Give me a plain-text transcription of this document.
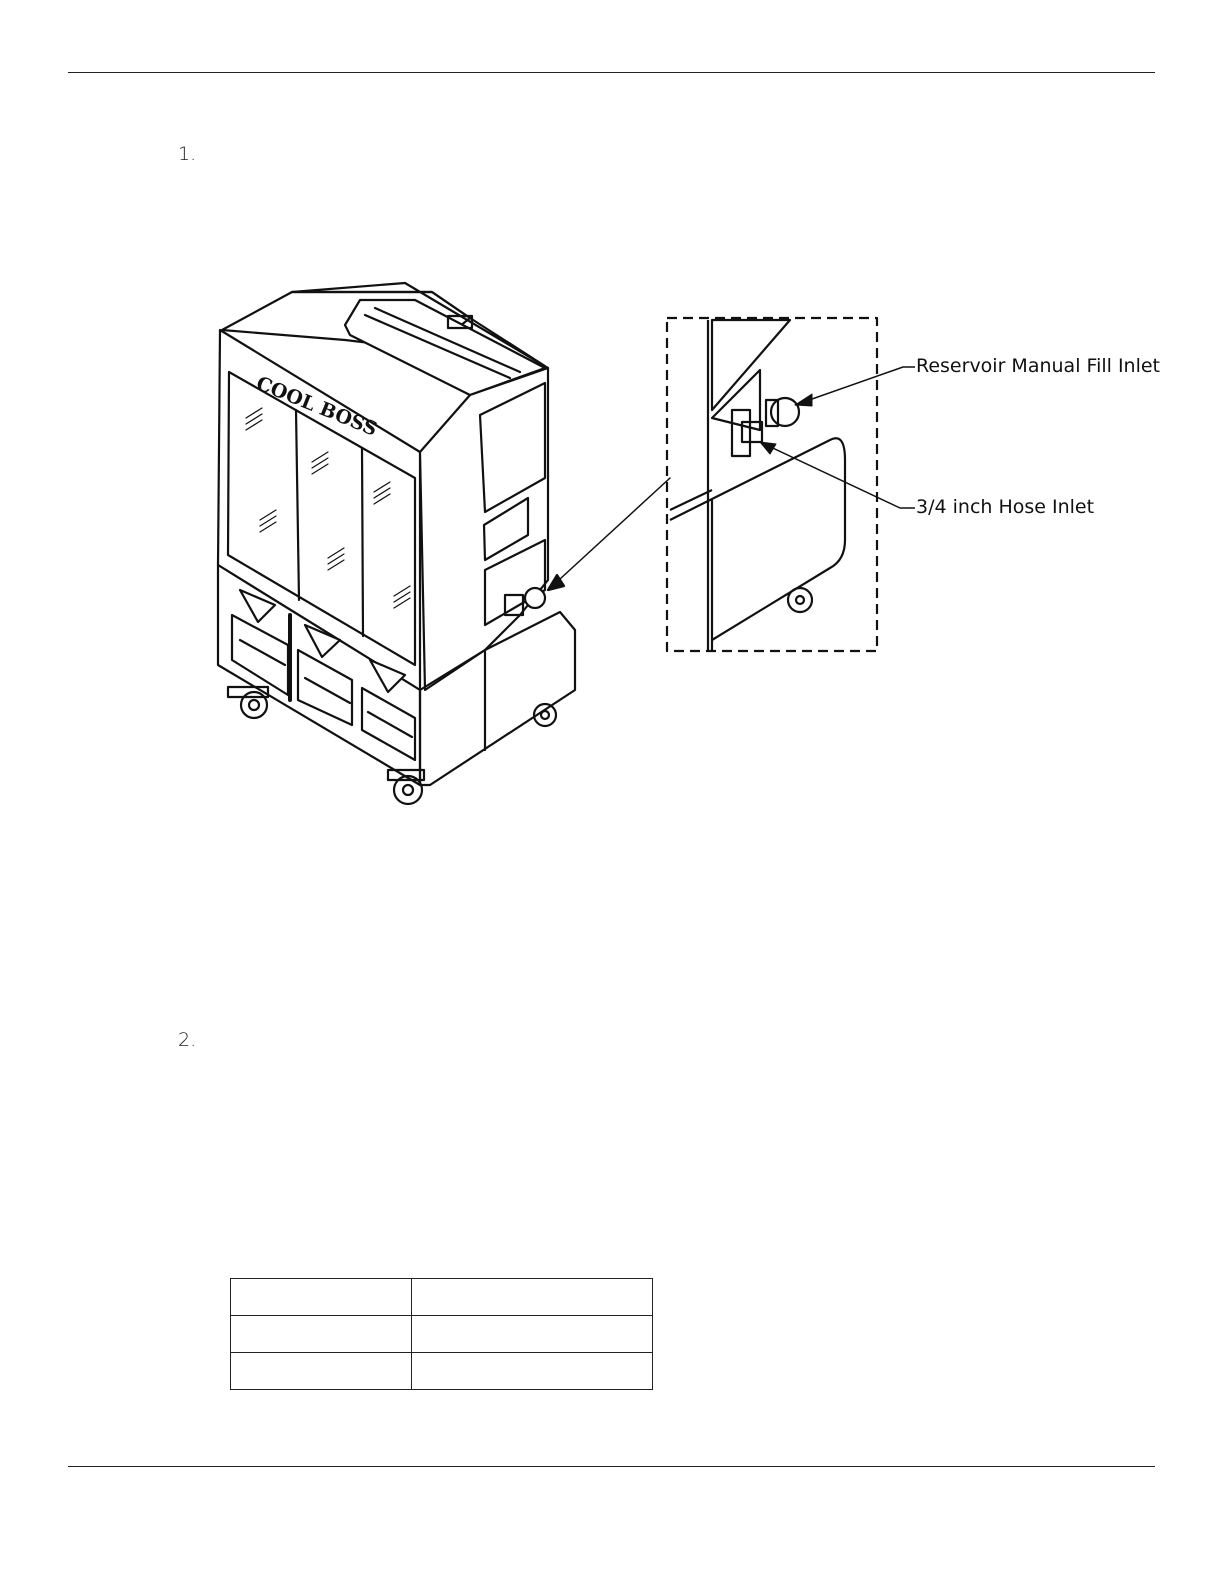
1.
COOL BOSS
Reservoir Manual Fill Inlet
3/4 inch Hose Inlet
2.
